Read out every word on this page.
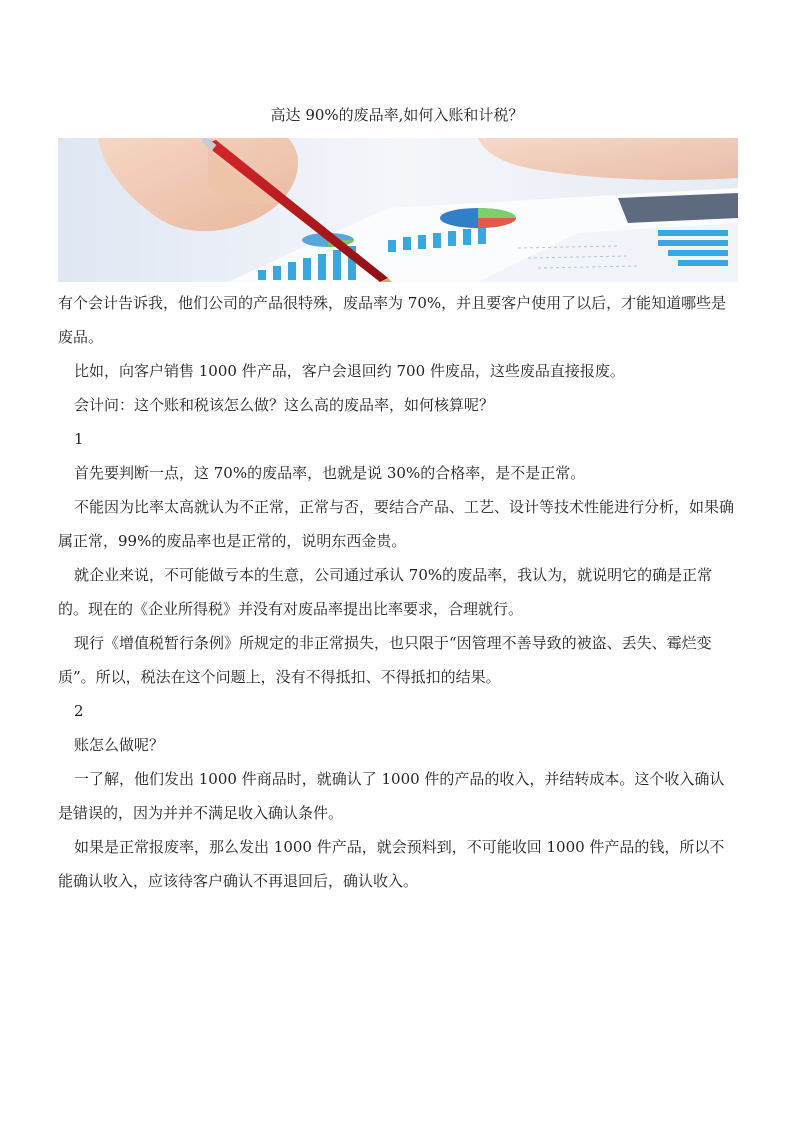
高达 90%的废品率,如何入账和计税？

有个会计告诉我，他们公司的产品很特殊，废品率为 70%，并且要客户使用了以后，才能知道哪些是废品。

比如，向客户销售 1000 件产品，客户会退回约 700 件废品，这些废品直接报废。

会计问：这个账和税该怎么做？这么高的废品率，如何核算呢？

1

首先要判断一点，这 70%的废品率，也就是说 30%的合格率，是不是正常。

不能因为比率太高就认为不正常，正常与否，要结合产品、工艺、设计等技术性能进行分析，如果确属正常，99%的废品率也是正常的，说明东西金贵。

就企业来说，不可能做亏本的生意，公司通过承认 70%的废品率，我认为，就说明它的确是正常的。现在的《企业所得税》并没有对废品率提出比率要求，合理就行。

现行《增值税暂行条例》所规定的非正常损失，也只限于“因管理不善导致的被盗、丢失、霉烂变质”。所以，税法在这个问题上，没有不得抵扣、不得抵扣的结果。

2

账怎么做呢？

一了解，他们发出 1000 件商品时，就确认了 1000 件的产品的收入，并结转成本。这个收入确认是错误的，因为并并不满足收入确认条件。

如果是正常报废率，那么发出 1000 件产品，就会预料到，不可能收回 1000 件产品的钱，所以不能确认收入，应该待客户确认不再退回后，确认收入。
